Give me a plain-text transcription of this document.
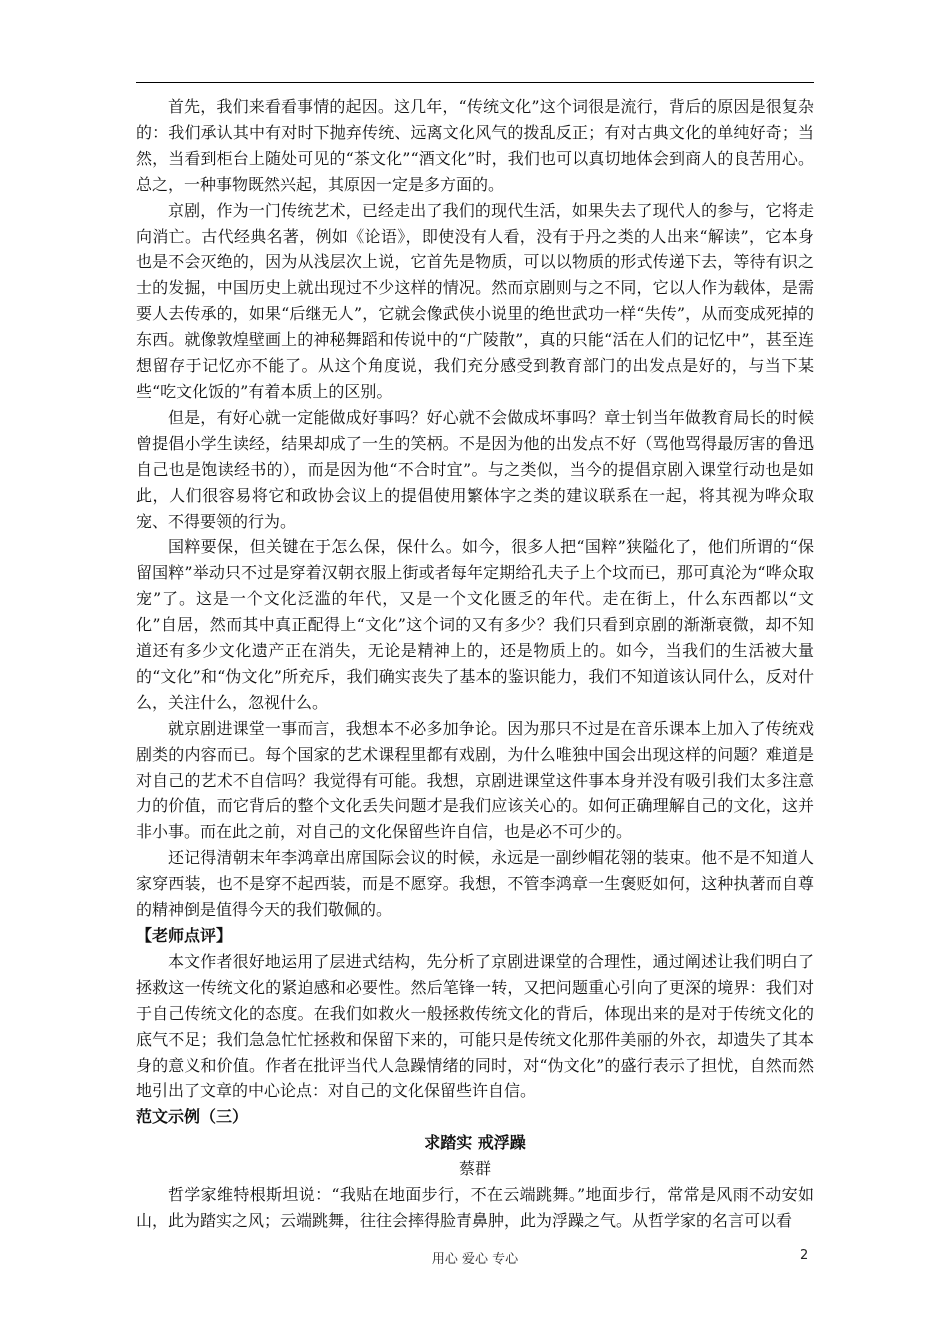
首先，我们来看看事情的起因。这几年，“传统文化”这个词很是流行，背后的原因是很复杂的：我们承认其中有对时下抛弃传统、远离文化风气的拨乱反正；有对古典文化的单纯好奇；当然，当看到柜台上随处可见的“茶文化”“酒文化”时，我们也可以真切地体会到商人的良苦用心。总之，一种事物既然兴起，其原因一定是多方面的。

京剧，作为一门传统艺术，已经走出了我们的现代生活，如果失去了现代人的参与，它将走向消亡。古代经典名著，例如《论语》，即使没有人看，没有于丹之类的人出来“解读”，它本身也是不会灭绝的，因为从浅层次上说，它首先是物质，可以以物质的形式传递下去，等待有识之士的发掘，中国历史上就出现过不少这样的情况。然而京剧则与之不同，它以人作为载体，是需要人去传承的，如果“后继无人”，它就会像武侠小说里的绝世武功一样“失传”，从而变成死掉的东西。就像敦煌壁画上的神秘舞蹈和传说中的“广陵散”，真的只能“活在人们的记忆中”，甚至连想留存于记忆亦不能了。从这个角度说，我们充分感受到教育部门的出发点是好的，与当下某些“吃文化饭的”有着本质上的区别。

但是，有好心就一定能做成好事吗？好心就不会做成坏事吗？章士钊当年做教育局长的时候曾提倡小学生读经，结果却成了一生的笑柄。不是因为他的出发点不好（骂他骂得最厉害的鲁迅自己也是饱读经书的），而是因为他“不合时宜”。与之类似，当今的提倡京剧入课堂行动也是如此，人们很容易将它和政协会议上的提倡使用繁体字之类的建议联系在一起，将其视为哗众取宠、不得要领的行为。

国粹要保，但关键在于怎么保，保什么。如今，很多人把“国粹”狭隘化了，他们所谓的“保留国粹”举动只不过是穿着汉朝衣服上街或者每年定期给孔夫子上个坟而已，那可真沦为“哗众取宠”了。这是一个文化泛滥的年代，又是一个文化匮乏的年代。走在街上，什么东西都以“文化”自居，然而其中真正配得上“文化”这个词的又有多少？我们只看到京剧的渐渐衰微，却不知道还有多少文化遗产正在消失，无论是精神上的，还是物质上的。如今，当我们的生活被大量的“文化”和“伪文化”所充斥，我们确实丧失了基本的鉴识能力，我们不知道该认同什么，反对什么，关注什么，忽视什么。

就京剧进课堂一事而言，我想本不必多加争论。因为那只不过是在音乐课本上加入了传统戏剧类的内容而已。每个国家的艺术课程里都有戏剧，为什么唯独中国会出现这样的问题？难道是对自己的艺术不自信吗？我觉得有可能。我想，京剧进课堂这件事本身并没有吸引我们太多注意力的价值，而它背后的整个文化丢失问题才是我们应该关心的。如何正确理解自己的文化，这并非小事。而在此之前，对自己的文化保留些许自信，也是必不可少的。

还记得清朝末年李鸿章出席国际会议的时候，永远是一副纱帽花翎的装束。他不是不知道人家穿西装，也不是穿不起西装，而是不愿穿。我想，不管李鸿章一生褒贬如何，这种执著而自尊的精神倒是值得今天的我们敬佩的。

【老师点评】

本文作者很好地运用了层进式结构，先分析了京剧进课堂的合理性，通过阐述让我们明白了拯救这一传统文化的紧迫感和必要性。然后笔锋一转，又把问题重心引向了更深的境界：我们对于自己传统文化的态度。在我们如救火一般拯救传统文化的背后，体现出来的是对于传统文化的底气不足；我们急急忙忙拯救和保留下来的，可能只是传统文化那件美丽的外衣，却遗失了其本身的意义和价值。作者在批评当代人急躁情绪的同时，对“伪文化”的盛行表示了担忧，自然而然地引出了文章的中心论点：对自己的文化保留些许自信。

范文示例（三）

求踏实 戒浮躁

蔡群

哲学家维特根斯坦说：“我贴在地面步行，不在云端跳舞。”地面步行，常常是风雨不动安如山，此为踏实之风；云端跳舞，往往会摔得脸青鼻肿，此为浮躁之气。从哲学家的名言可以看

用心 爱心 专心	2
